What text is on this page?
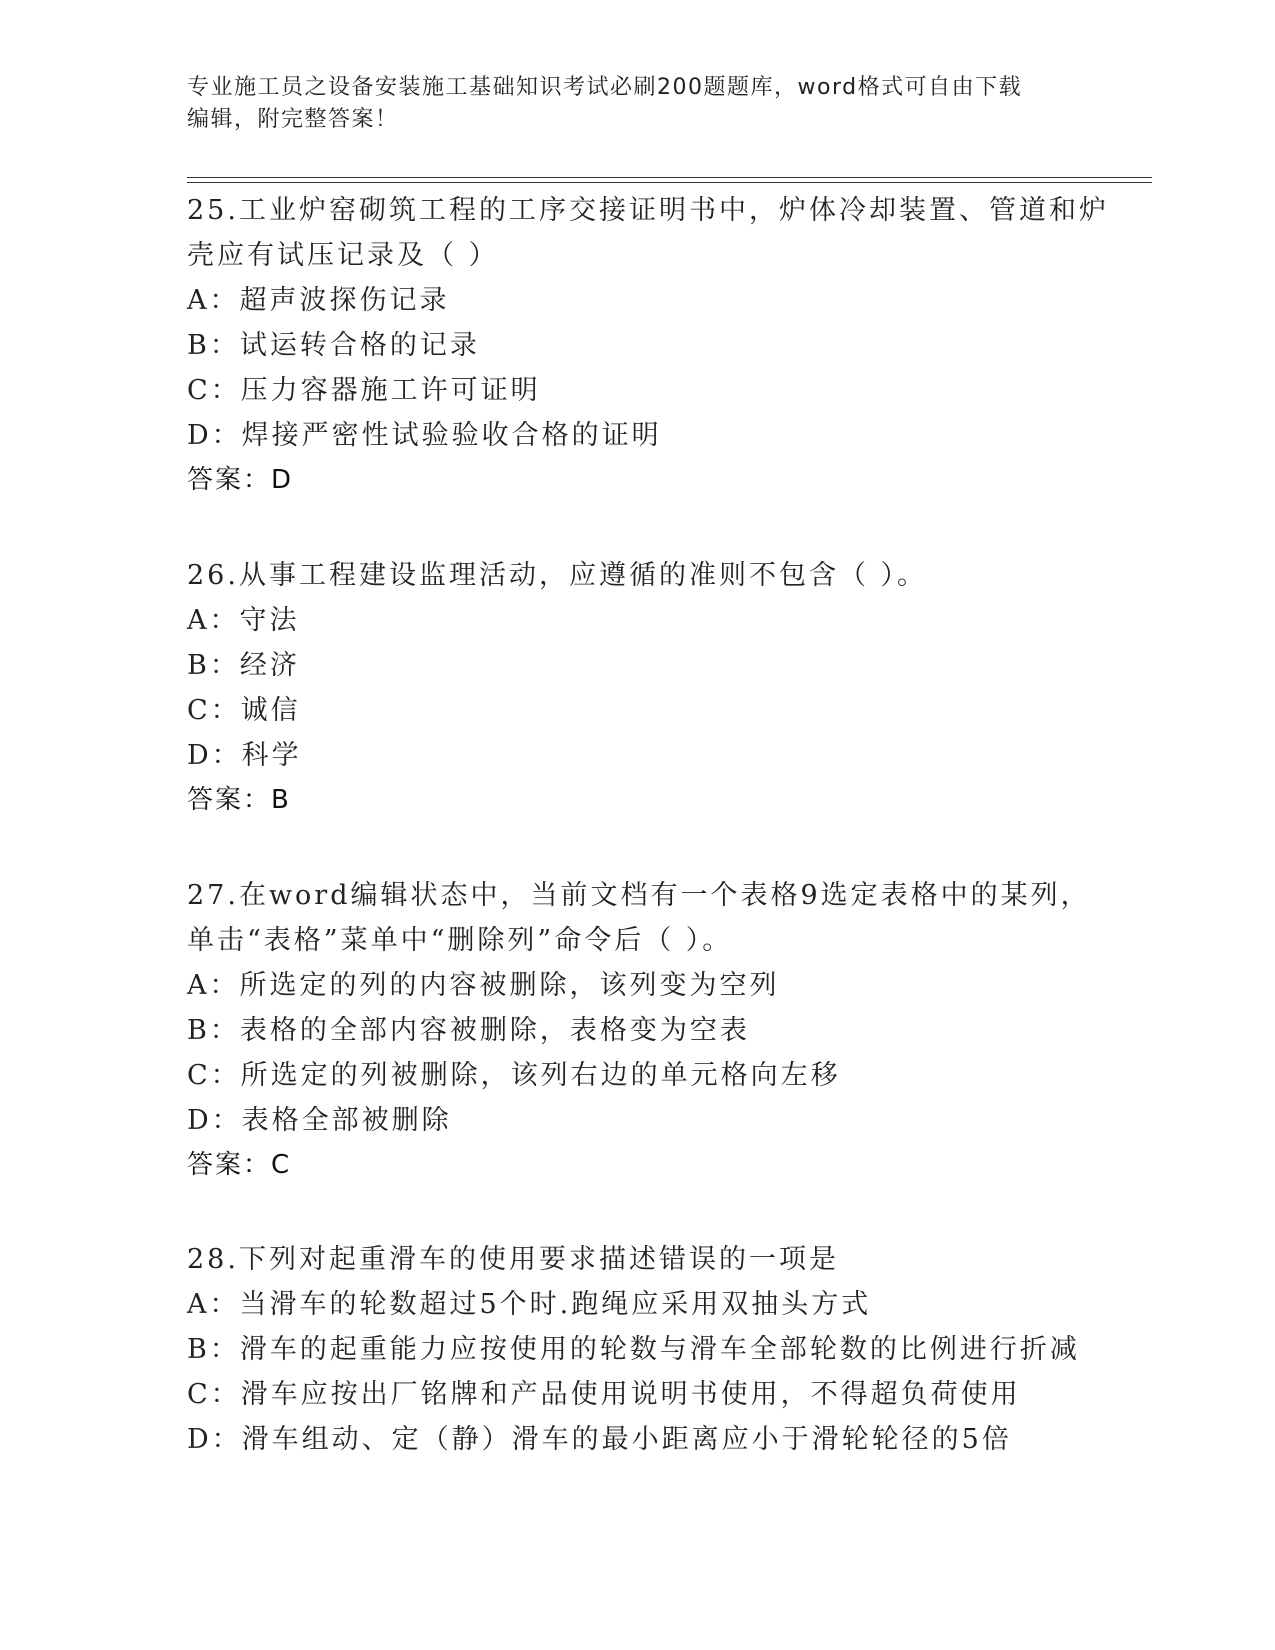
专业施工员之设备安装施工基础知识考试必刷200题题库，word格式可自由下载
编辑，附完整答案！
25.工业炉窑砌筑工程的工序交接证明书中，炉体冷却装置、管道和炉
壳应有试压记录及（ ）
A：超声波探伤记录
B：试运转合格的记录
C：压力容器施工许可证明
D：焊接严密性试验验收合格的证明
答案：D
26.从事工程建设监理活动，应遵循的准则不包含（ ）。
A：守法
B：经济
C：诚信
D：科学
答案：B
27.在word编辑状态中，当前文档有一个表格9选定表格中的某列，
单击“表格”菜单中“删除列”命令后（ ）。
A：所选定的列的内容被删除，该列变为空列
B：表格的全部内容被删除，表格变为空表
C：所选定的列被删除，该列右边的单元格向左移
D：表格全部被删除
答案：C
28.下列对起重滑车的使用要求描述错误的一项是
A：当滑车的轮数超过5个时.跑绳应采用双抽头方式
B：滑车的起重能力应按使用的轮数与滑车全部轮数的比例进行折减
C：滑车应按出厂铭牌和产品使用说明书使用，不得超负荷使用
D：滑车组动、定（静）滑车的最小距离应小于滑轮轮径的5倍
